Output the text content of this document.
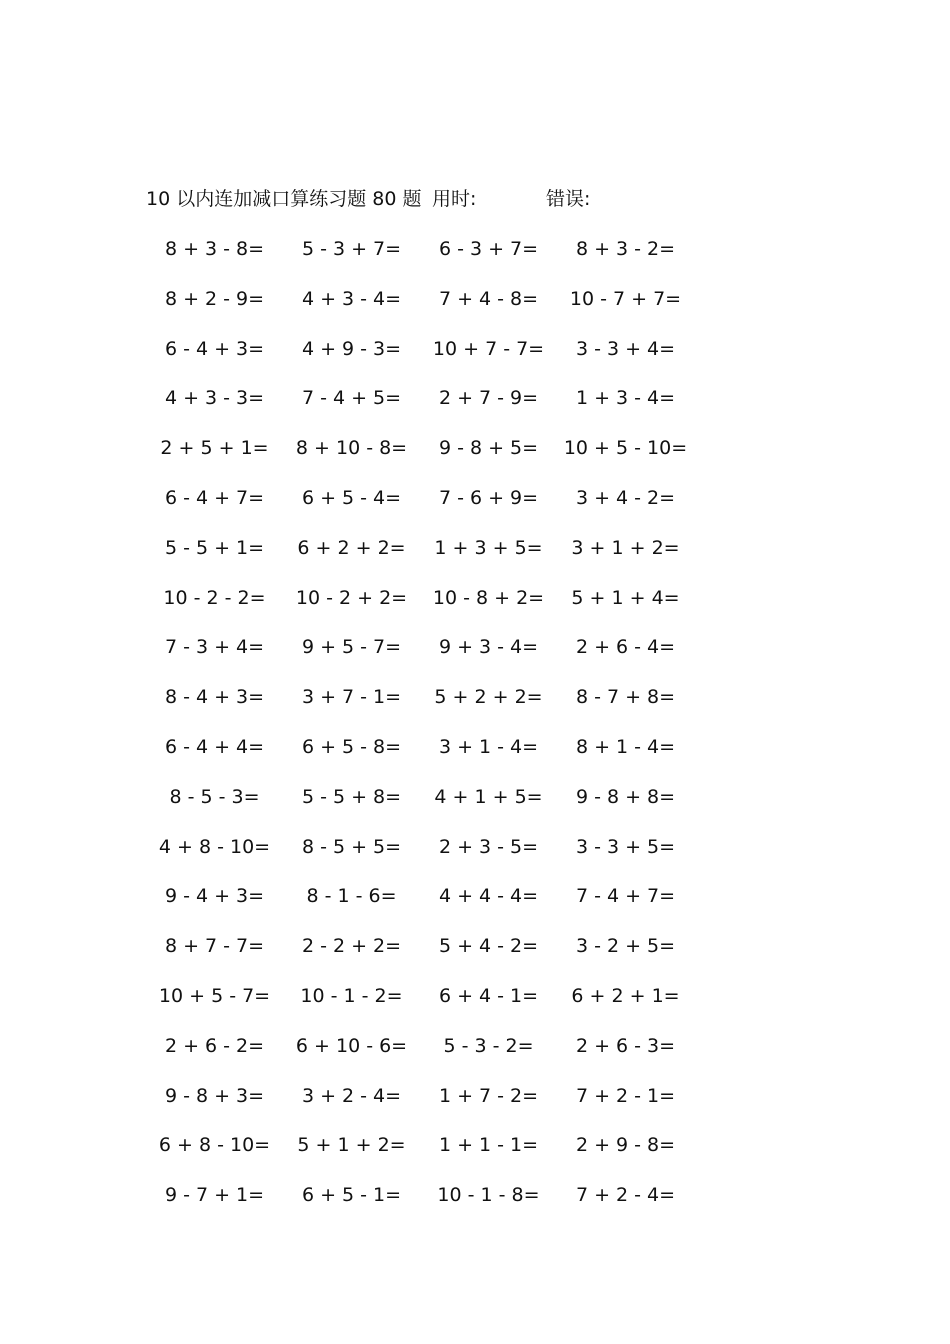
10 以内连加减口算练习题 80 题 用时:	错误:
8 + 3 - 8=	5 - 3 + 7=	6 - 3 + 7=	8 + 3 - 2=
8 + 2 - 9=	4 + 3 - 4=	7 + 4 - 8=	10 - 7 + 7=
6 - 4 + 3=	4 + 9 - 3=	10 + 7 - 7=	3 - 3 + 4=
4 + 3 - 3=	7 - 4 + 5=	2 + 7 - 9=	1 + 3 - 4=
2 + 5 + 1=	8 + 10 - 8=	9 - 8 + 5=	10 + 5 - 10=
6 - 4 + 7=	6 + 5 - 4=	7 - 6 + 9=	3 + 4 - 2=
5 - 5 + 1=	6 + 2 + 2=	1 + 3 + 5=	3 + 1 + 2=
10 - 2 - 2=	10 - 2 + 2=	10 - 8 + 2=	5 + 1 + 4=
7 - 3 + 4=	9 + 5 - 7=	9 + 3 - 4=	2 + 6 - 4=
8 - 4 + 3=	3 + 7 - 1=	5 + 2 + 2=	8 - 7 + 8=
6 - 4 + 4=	6 + 5 - 8=	3 + 1 - 4=	8 + 1 - 4=
8 - 5 - 3=	5 - 5 + 8=	4 + 1 + 5=	9 - 8 + 8=
4 + 8 - 10=	8 - 5 + 5=	2 + 3 - 5=	3 - 3 + 5=
9 - 4 + 3=	8 - 1 - 6=	4 + 4 - 4=	7 - 4 + 7=
8 + 7 - 7=	2 - 2 + 2=	5 + 4 - 2=	3 - 2 + 5=
10 + 5 - 7=	10 - 1 - 2=	6 + 4 - 1=	6 + 2 + 1=
2 + 6 - 2=	6 + 10 - 6=	5 - 3 - 2=	2 + 6 - 3=
9 - 8 + 3=	3 + 2 - 4=	1 + 7 - 2=	7 + 2 - 1=
6 + 8 - 10=	5 + 1 + 2=	1 + 1 - 1=	2 + 9 - 8=
9 - 7 + 1=	6 + 5 - 1=	10 - 1 - 8=	7 + 2 - 4=
